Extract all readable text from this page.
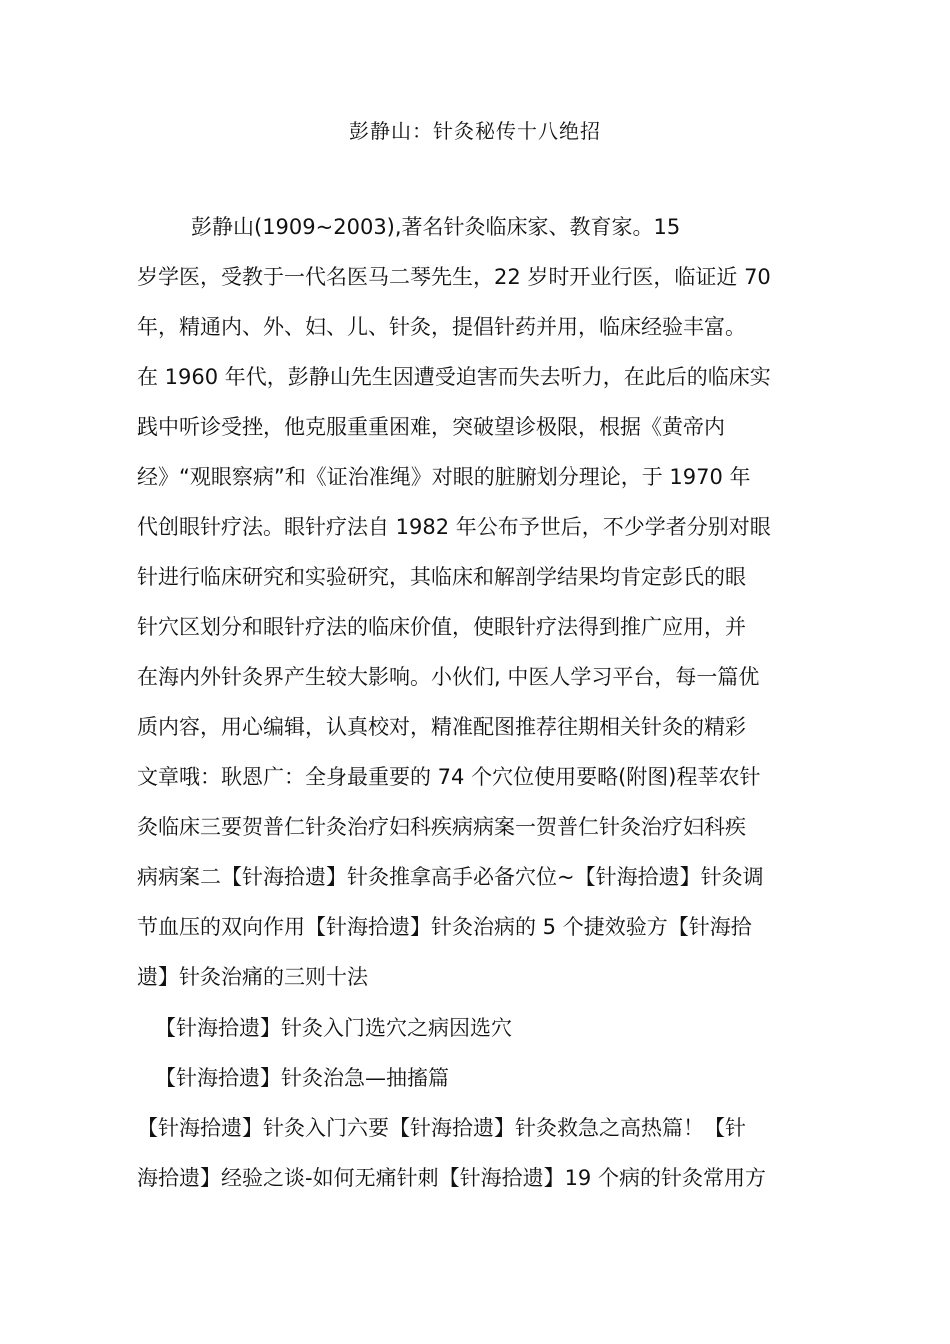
彭静山：针灸秘传十八绝招
彭静山(1909~2003),著名针灸临床家、教育家。15
岁学医，受教于一代名医马二琴先生，22 岁时开业行医，临证近 70
年，精通内、外、妇、儿、针灸，提倡针药并用，临床经验丰富。
在 1960 年代，彭静山先生因遭受迫害而失去听力，在此后的临床实
践中听诊受挫，他克服重重困难，突破望诊极限，根据《黄帝内
经》“观眼察病”和《证治准绳》对眼的脏腑划分理论，于 1970 年
代创眼针疗法。眼针疗法自 1982 年公布予世后，不少学者分别对眼
针进行临床研究和实验研究，其临床和解剖学结果均肯定彭氏的眼
针穴区划分和眼针疗法的临床价值，使眼针疗法得到推广应用，并
在海内外针灸界产生较大影响。小伙们, 中医人学习平台，每一篇优
质内容，用心编辑，认真校对，精准配图推荐往期相关针灸的精彩
文章哦：耿恩广：全身最重要的 74 个穴位使用要略(附图)程莘农针
灸临床三要贺普仁针灸治疗妇科疾病病案一贺普仁针灸治疗妇科疾
病病案二【针海拾遗】针灸推拿高手必备穴位~【针海拾遗】针灸调
节血压的双向作用【针海拾遗】针灸治病的 5 个捷效验方【针海拾
遗】针灸治痛的三则十法
【针海拾遗】针灸入门选穴之病因选穴
【针海拾遗】针灸治急—抽搐篇
【针海拾遗】针灸入门六要【针海拾遗】针灸救急之高热篇！【针
海拾遗】经验之谈-如何无痛针刺【针海拾遗】19 个病的针灸常用方
